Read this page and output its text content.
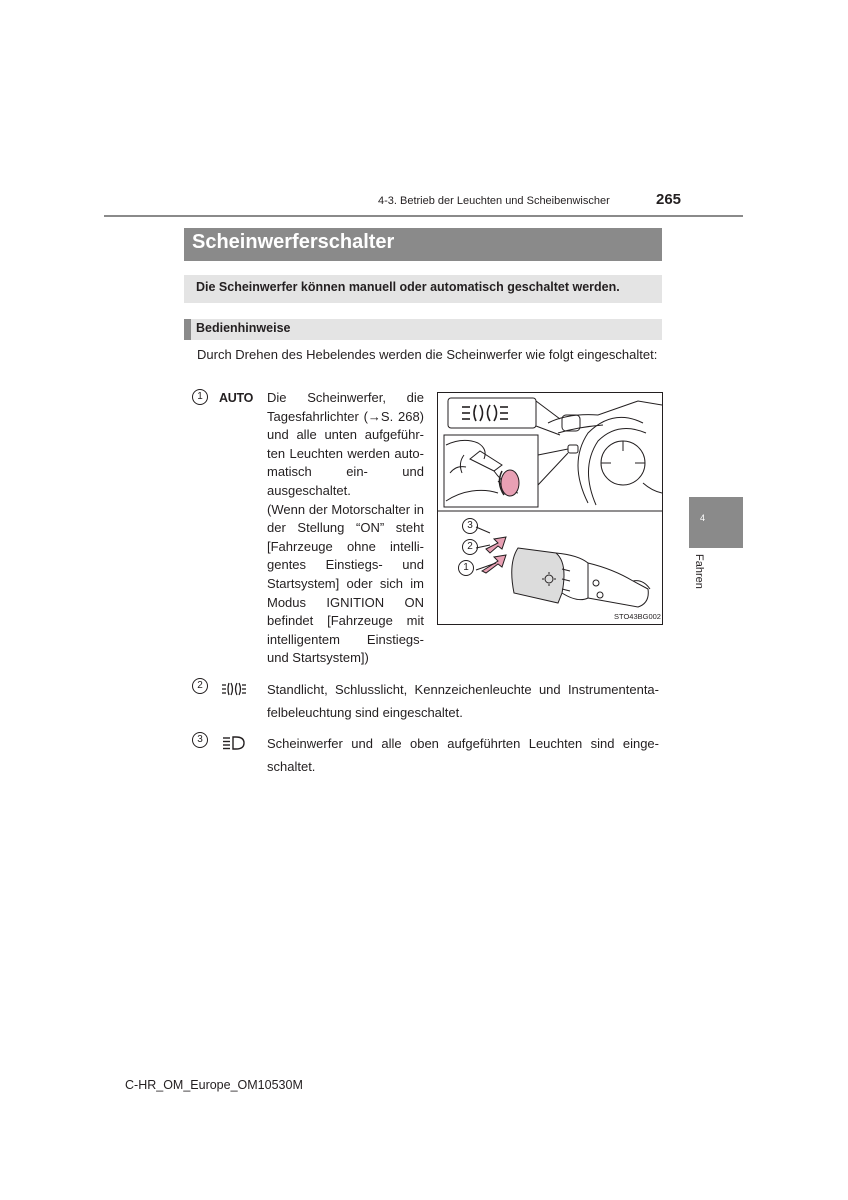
4-3. Betrieb der Leuchten und Scheibenwischer	265
Scheinwerferschalter
Die Scheinwerfer können manuell oder automatisch geschaltet werden.
Bedienhinweise
Durch Drehen des Hebelendes werden die Scheinwerfer wie folgt eingeschaltet:
1	AUTO Die Scheinwerfer, die
Tagesfahrlichter (→S. 268)
und alle unten aufgeführ-
ten Leuchten werden auto-
matisch ein- und
ausgeschaltet.
(Wenn der Motorschalter in
der Stellung “ON” steht
[Fahrzeuge ohne intelli-
gentes Einstiegs- und
Startsystem] oder sich im
Modus IGNITION ON
befindet [Fahrzeuge mit
intelligentem Einstiegs-
und Startsystem])
3
2
1
STO43BG002
2	Standlicht, Schlusslicht, Kennzeichenleuchte und Instrumententa-
felbeleuchtung sind eingeschaltet.
3	Scheinwerfer und alle oben aufgeführten Leuchten sind einge-
schaltet.
4
Fahren
C-HR_OM_Europe_OM10530M
